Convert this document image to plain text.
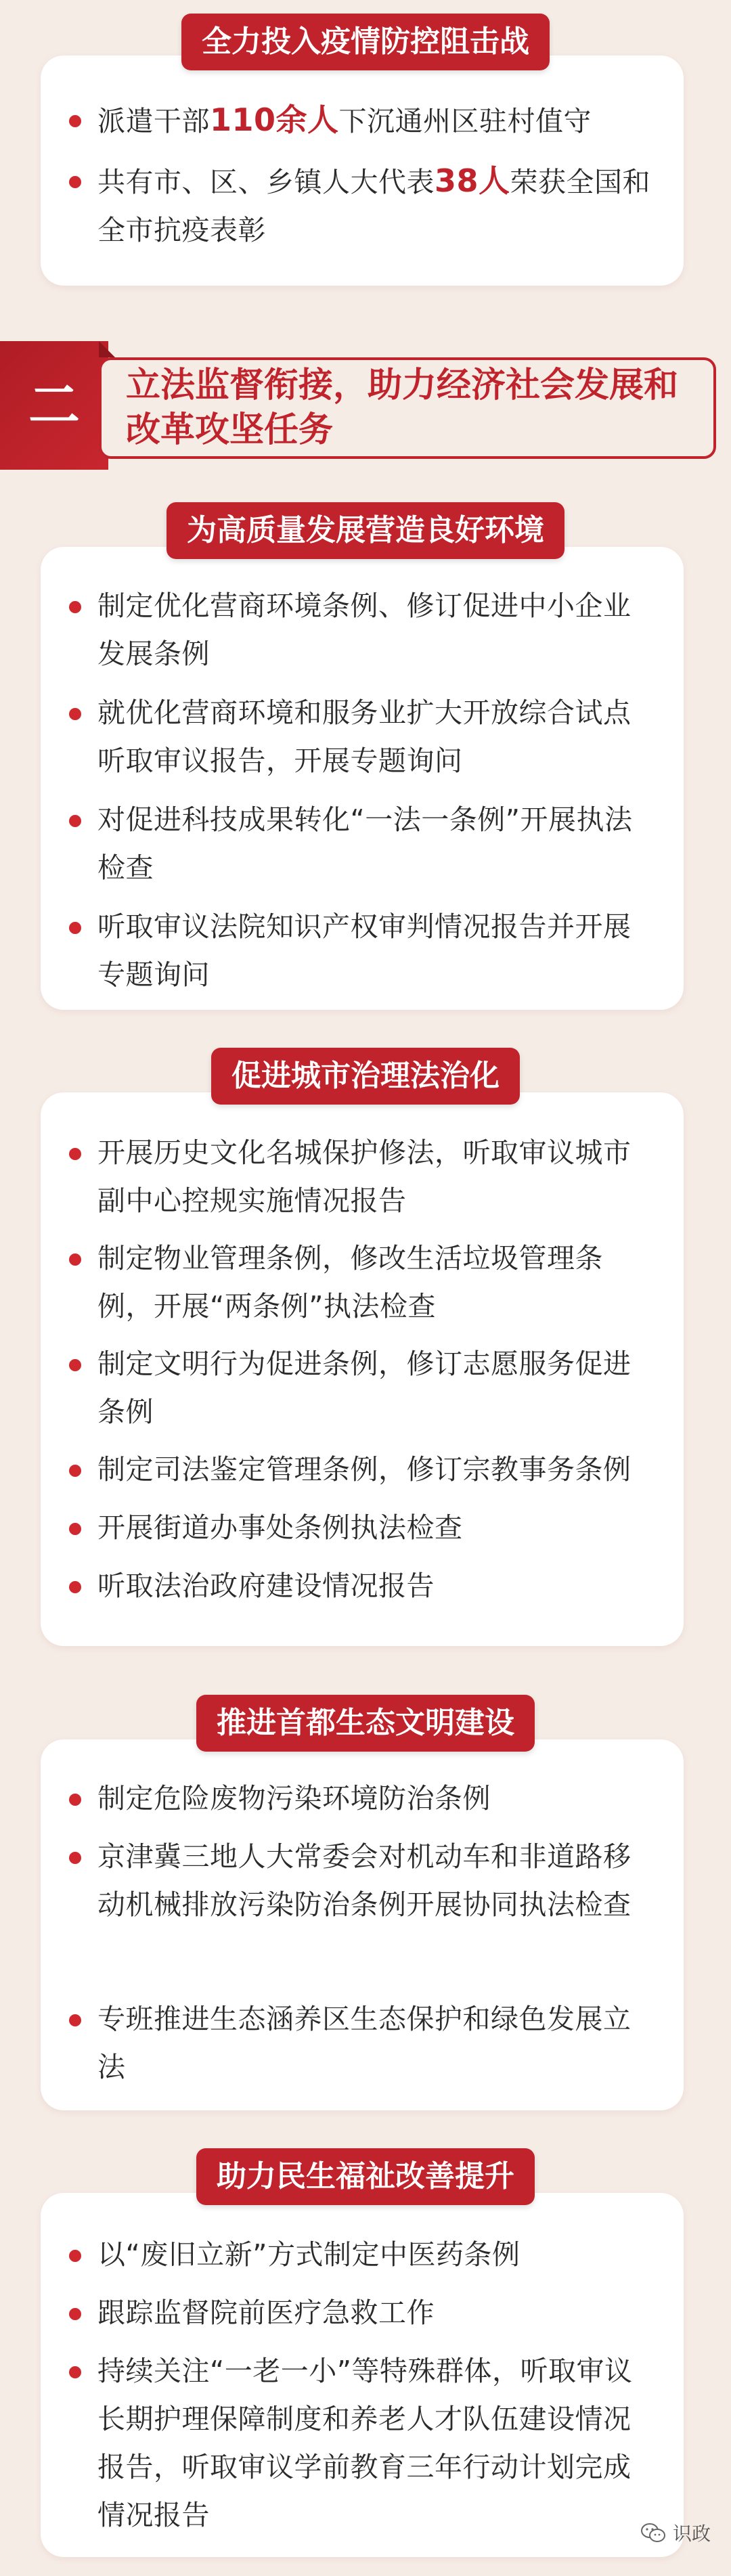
全力投入疫情防控阻击战
派遣干部110余人下沉通州区驻村值守
共有市、区、乡镇人大代表38人荣获全国和全市抗疫表彰
二	立法监督衔接，助力经济社会发展和改革攻坚任务
为高质量发展营造良好环境
制定优化营商环境条例、修订促进中小企业发展条例
就优化营商环境和服务业扩大开放综合试点听取审议报告，开展专题询问
对促进科技成果转化“一法一条例”开展执法检查
听取审议法院知识产权审判情况报告并开展专题询问
促进城市治理法治化
开展历史文化名城保护修法，听取审议城市副中心控规实施情况报告
制定物业管理条例，修改生活垃圾管理条例，开展“两条例”执法检查
制定文明行为促进条例，修订志愿服务促进条例
制定司法鉴定管理条例，修订宗教事务条例
开展街道办事处条例执法检查
听取法治政府建设情况报告
推进首都生态文明建设
制定危险废物污染环境防治条例
京津冀三地人大常委会对机动车和非道路移动机械排放污染防治条例开展协同执法检查
专班推进生态涵养区生态保护和绿色发展立法
助力民生福祉改善提升
以“废旧立新”方式制定中医药条例
跟踪监督院前医疗急救工作
持续关注“一老一小”等特殊群体，听取审议长期护理保障制度和养老人才队伍建设情况报告，听取审议学前教育三年行动计划完成情况报告
识政
